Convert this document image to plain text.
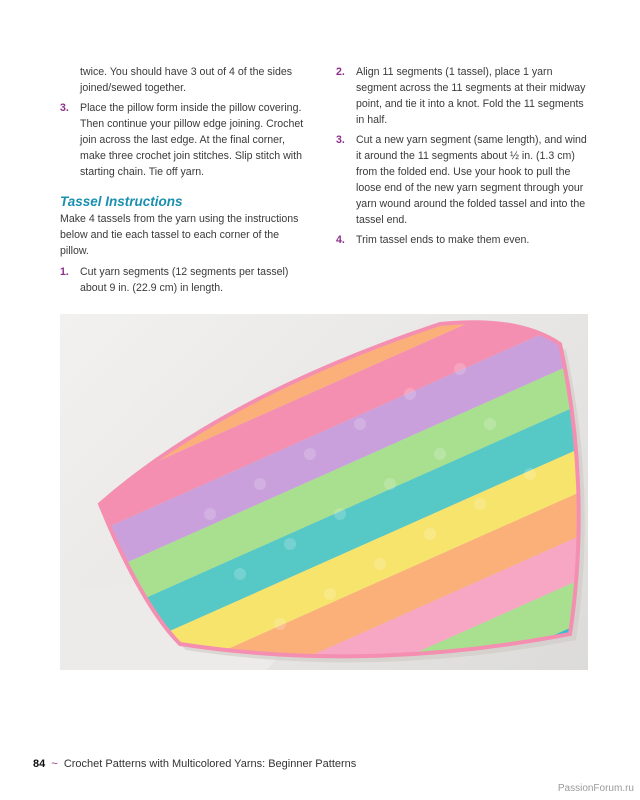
twice. You should have 3 out of 4 of the sides joined/sewed together.
3. Place the pillow form inside the pillow covering. Then continue your pillow edge joining. Crochet join across the last edge. At the final corner, make three crochet join stitches. Slip stitch with starting chain. Tie off yarn.
Tassel Instructions
Make 4 tassels from the yarn using the instructions below and tie each tassel to each corner of the pillow.
1. Cut yarn segments (12 segments per tassel) about 9 in. (22.9 cm) in length.
2. Align 11 segments (1 tassel), place 1 yarn segment across the 11 segments at their midway point, and tie it into a knot. Fold the 11 segments in half.
3. Cut a new yarn segment (same length), and wind it around the 11 segments about ½ in. (1.3 cm) from the folded end. Use your hook to pull the loose end of the new yarn segment through your yarn wound around the folded tassel and into the tassel end.
4. Trim tassel ends to make them even.
84 ~ Crochet Patterns with Multicolored Yarns: Beginner Patterns
PassionForum.ru
